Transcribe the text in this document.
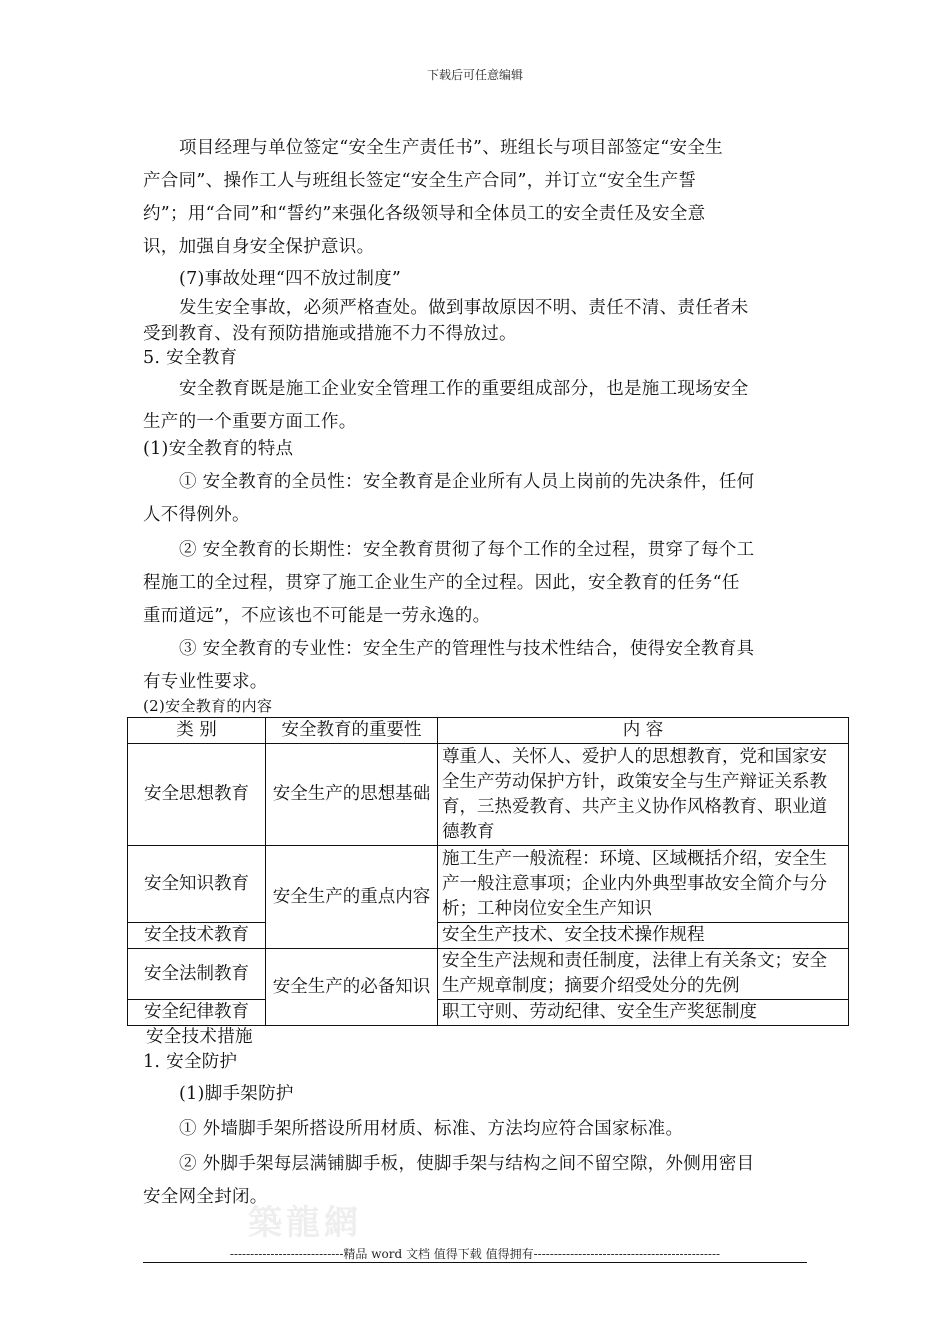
下载后可任意编辑
项目经理与单位签定“安全生产责任书”、班组长与项目部签定“安全生
产合同”、操作工人与班组长签定“安全生产合同”，并订立“安全生产誓
约”；用“合同”和“誓约”来强化各级领导和全体员工的安全责任及安全意
识，加强自身安全保护意识。
(7)事故处理“四不放过制度”
发生安全事故，必须严格查处。做到事故原因不明、责任不清、责任者未
受到教育、没有预防措施或措施不力不得放过。
5. 安全教育
安全教育既是施工企业安全管理工作的重要组成部分，也是施工现场安全
生产的一个重要方面工作。
(1)安全教育的特点
① 安全教育的全员性：安全教育是企业所有人员上岗前的先决条件，任何
人不得例外。
② 安全教育的长期性：安全教育贯彻了每个工作的全过程，贯穿了每个工
程施工的全过程，贯穿了施工企业生产的全过程。因此，安全教育的任务“任
重而道远”，不应该也不可能是一劳永逸的。
③ 安全教育的专业性：安全生产的管理性与技术性结合，使得安全教育具
有专业性要求。
(2)安全教育的内容
类 别	安全教育的重要性	内 容
安全思想教育	安全生产的思想基础	尊重人、关怀人、爱护人的思想教育，党和国家安全生产劳动保护方针，政策安全与生产辩证关系教育，三热爱教育、共产主义协作风格教育、职业道德教育
安全知识教育	安全生产的重点内容	施工生产一般流程：环境、区域概括介绍，安全生产一般注意事项；企业内外典型事故安全简介与分析；工种岗位安全生产知识
安全技术教育		安全生产技术、安全技术操作规程
安全法制教育	安全生产的必备知识	安全生产法规和责任制度，法律上有关条文；安全生产规章制度；摘要介绍受处分的先例
安全纪律教育		职工守则、劳动纪律、安全生产奖惩制度
安全技术措施
1. 安全防护
(1)脚手架防护
① 外墙脚手架所搭设所用材质、标准、方法均应符合国家标准。
② 外脚手架每层满铺脚手板，使脚手架与结构之间不留空隙，外侧用密目
安全网全封闭。
築龍網
----------------------------精品 word 文档 值得下载 值得拥有----------------------------------------------
